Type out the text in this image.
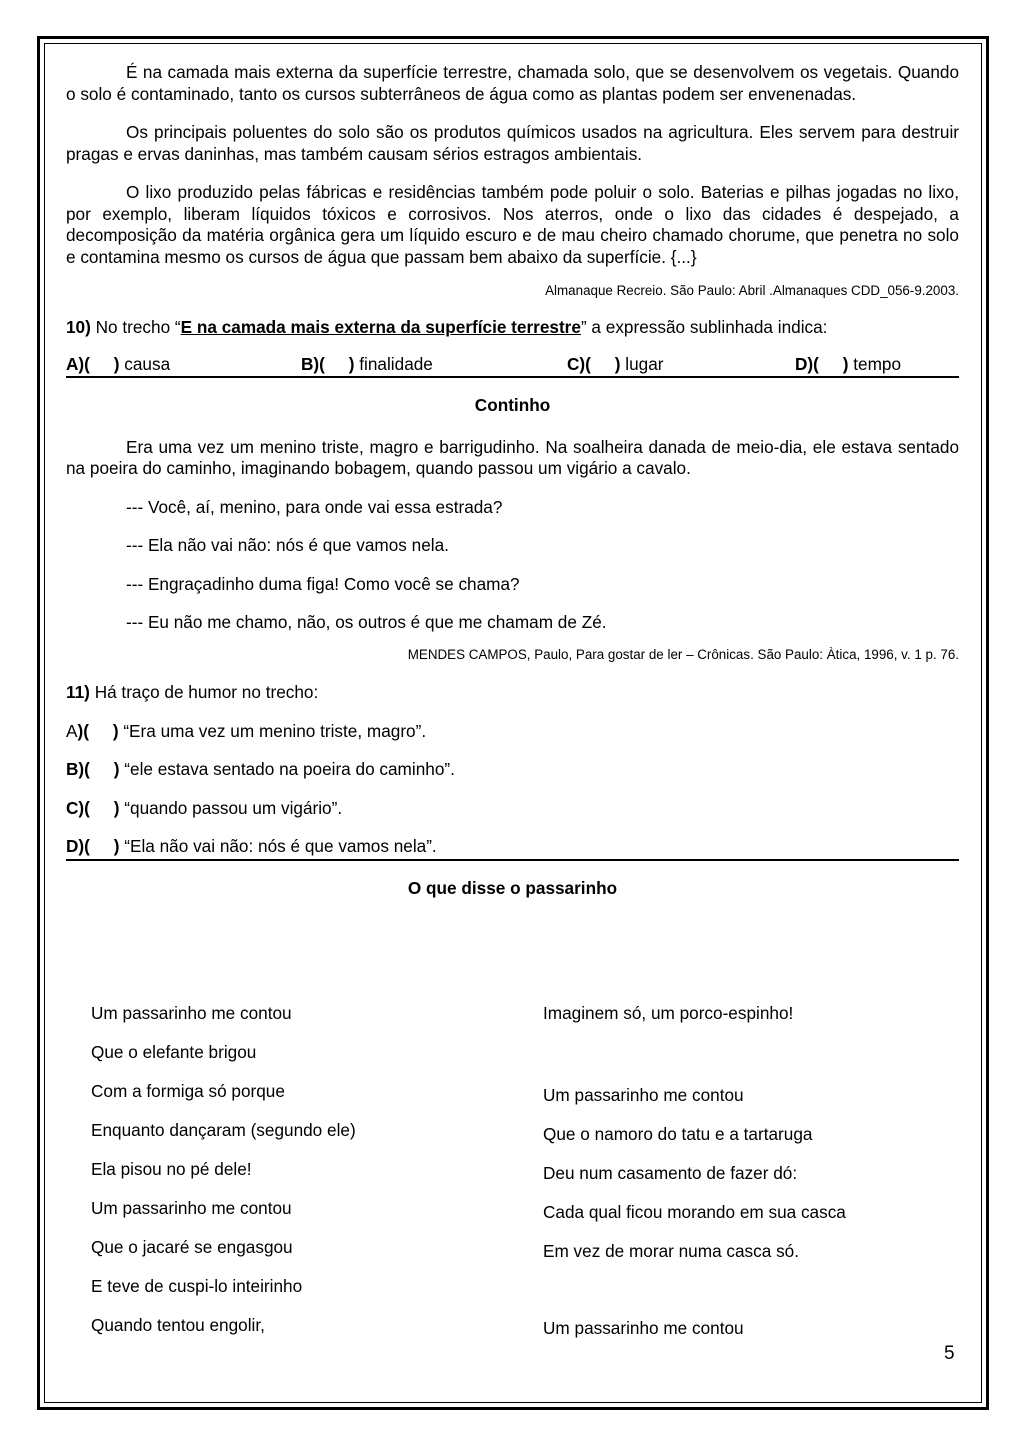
É na camada mais externa da superfície terrestre, chamada solo, que se desenvolvem os vegetais. Quando o solo é contaminado, tanto os cursos subterrâneos de água como as plantas podem ser envenenadas.

Os principais poluentes do solo são os produtos químicos usados na agricultura. Eles servem para destruir pragas e ervas daninhas, mas também causam sérios estragos ambientais.

O lixo produzido pelas fábricas e residências também pode poluir o solo. Baterias e pilhas jogadas no lixo, por exemplo, liberam líquidos tóxicos e corrosivos. Nos aterros, onde o lixo das cidades é despejado, a decomposição da matéria orgânica gera um líquido escuro e de mau cheiro chamado chorume, que penetra no solo e contamina mesmo os cursos de água que passam bem abaixo da superfície. {...}

Almanaque Recreio. São Paulo: Abril .Almanaques CDD_056-9.2003.

10) No trecho “E na camada mais externa da superfície terrestre” a expressão sublinhada indica:

A)( ) causa	B)( ) finalidade	C)( ) lugar	D)( ) tempo

Continho

Era uma vez um menino triste, magro e barrigudinho. Na soalheira danada de meio-dia, ele estava sentado na poeira do caminho, imaginando bobagem, quando passou um vigário a cavalo.

--- Você, aí, menino, para onde vai essa estrada?

--- Ela não vai não: nós é que vamos nela.

--- Engraçadinho duma figa! Como você se chama?

--- Eu não me chamo, não, os outros é que me chamam de Zé.

MENDES CAMPOS, Paulo, Para gostar de ler – Crônicas. São Paulo: Àtica, 1996, v. 1 p. 76.

11) Há traço de humor no trecho:

A)( ) “Era uma vez um menino triste, magro”.

B)( ) “ele estava sentado na poeira do caminho”.

C)( ) “quando passou um vigário”.

D)( ) “Ela não vai não: nós é que vamos nela”.

O que disse o passarinho

Um passarinho me contou

Que o elefante brigou

Com a formiga só porque

Enquanto dançaram (segundo ele)

Ela pisou no pé dele!

Um passarinho me contou

Que o jacaré se engasgou

E teve de cuspi-lo inteirinho

Quando tentou engolir,

Imaginem só, um porco-espinho!

Um passarinho me contou

Que o namoro do tatu e a tartaruga

Deu num casamento de fazer dó:

Cada qual ficou morando em sua casca

Em vez de morar numa casca só.

Um passarinho me contou

5
